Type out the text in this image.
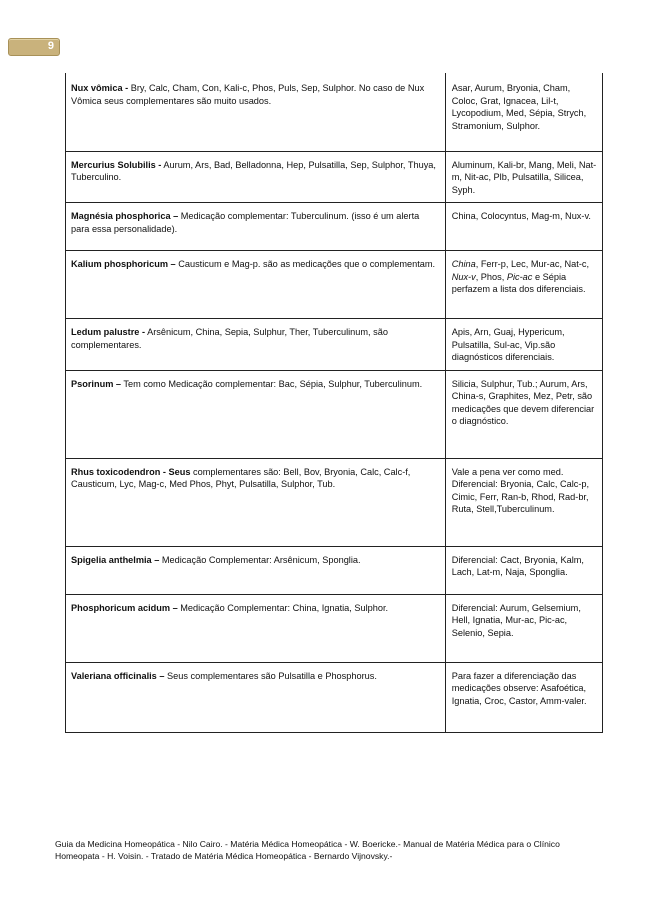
9
Nux vômica - Bry, Calc, Cham, Con, Kali-c, Phos, Puls, Sep, Sulphor. No caso de Nux Vômica seus complementares são muito usados.	Asar, Aurum, Bryonia, Cham, Coloc, Grat, Ignacea, Lil-t, Lycopodium, Med, Sépia, Strych, Stramonium, Sulphor.
Mercurius Solubilis - Aurum, Ars, Bad, Belladonna, Hep, Pulsatilla, Sep, Sulphor, Thuya, Tuberculino.	Aluminum, Kali-br, Mang, Meli, Nat-m, Nit-ac, Plb, Pulsatilla, Silicea, Syph.
Magnésia phosphorica – Medicação complementar: Tuberculinum. (isso é um alerta para essa personalidade).	China, Colocyntus, Mag-m, Nux-v.
Kalium phosphoricum – Causticum e Mag-p. são as medicações que o complementam.	China, Ferr-p, Lec, Mur-ac, Nat-c, Nux-v, Phos, Pic-ac e Sépia perfazem a lista dos diferenciais.
Ledum palustre - Arsênicum, China, Sepia, Sulphur, Ther, Tuberculinum, são complementares.	Apis, Arn, Guaj, Hypericum, Pulsatilla, Sul-ac, Vip.são diagnósticos diferenciais.
Psorinum – Tem como Medicação complementar: Bac, Sépia, Sulphur, Tuberculinum.	Silicia, Sulphur, Tub.; Aurum, Ars, China-s, Graphites, Mez, Petr, são medicações que devem diferenciar o diagnóstico.
Rhus toxicodendron - Seus complementares são: Bell, Bov, Bryonia, Calc, Calc-f, Causticum, Lyc, Mag-c, Med Phos, Phyt, Pulsatilla, Sulphor, Tub.	Vale a pena ver como med. Diferencial: Bryonia, Calc, Calc-p, Cimic, Ferr, Ran-b, Rhod, Rad-br, Ruta, Stell,Tuberculinum.
Spigelia anthelmia – Medicação Complementar: Arsênicum, Sponglia.	Diferencial: Cact, Bryonia, Kalm, Lach, Lat-m, Naja, Sponglia.
Phosphoricum acidum – Medicação Complementar: China, Ignatia, Sulphor.	Diferencial: Aurum, Gelsemium, Hell, Ignatia, Mur-ac, Pic-ac, Selenio, Sepia.
Valeriana officinalis – Seus complementares são Pulsatilla e Phosphorus.	Para fazer a diferenciação das medicações observe: Asafoética, Ignatia, Croc, Castor, Amm-valer.
Guia da Medicina Homeopática - Nilo Cairo. - Matéria Médica Homeopática - W. Boericke.- Manual de Matéria Médica para o Clínico Homeopata - H. Voisin. - Tratado de Matéria Médica Homeopática - Bernardo Vijnovsky.-
